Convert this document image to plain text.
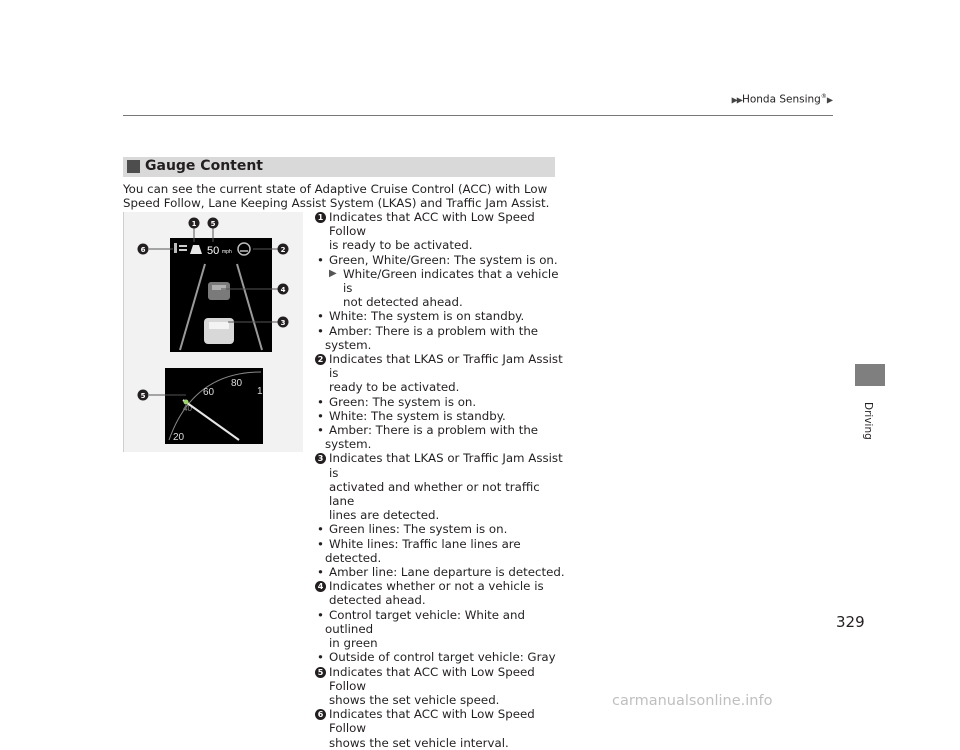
▶▶Honda Sensing®▶
Gauge Content
You can see the current state of Adaptive Cruise Control (ACC) with Low Speed Follow, Lane Keeping Assist System (LKAS) and Traffic Jam Assist.
50 mph
1 5
6	2
4
3
60
80
1
40
20
5
1 Indicates that ACC with Low Speed Follow
is ready to be activated.
• Green, White/Green: The system is on.
▶ White/Green indicates that a vehicle is
not detected ahead.
• White: The system is on standby.
• Amber: There is a problem with the system.
2 Indicates that LKAS or Traffic Jam Assist is
ready to be activated.
• Green: The system is on.
• White: The system is standby.
• Amber: There is a problem with the system.
3 Indicates that LKAS or Traffic Jam Assist is
activated and whether or not traffic lane
lines are detected.
• Green lines: The system is on.
• White lines: Traffic lane lines are detected.
• Amber line: Lane departure is detected.
4 Indicates whether or not a vehicle is
detected ahead.
• Control target vehicle: White and outlined
in green
• Outside of control target vehicle: Gray
5 Indicates that ACC with Low Speed Follow
shows the set vehicle speed.
6 Indicates that ACC with Low Speed Follow
shows the set vehicle interval.
Driving
329
carmanualsonline.info
